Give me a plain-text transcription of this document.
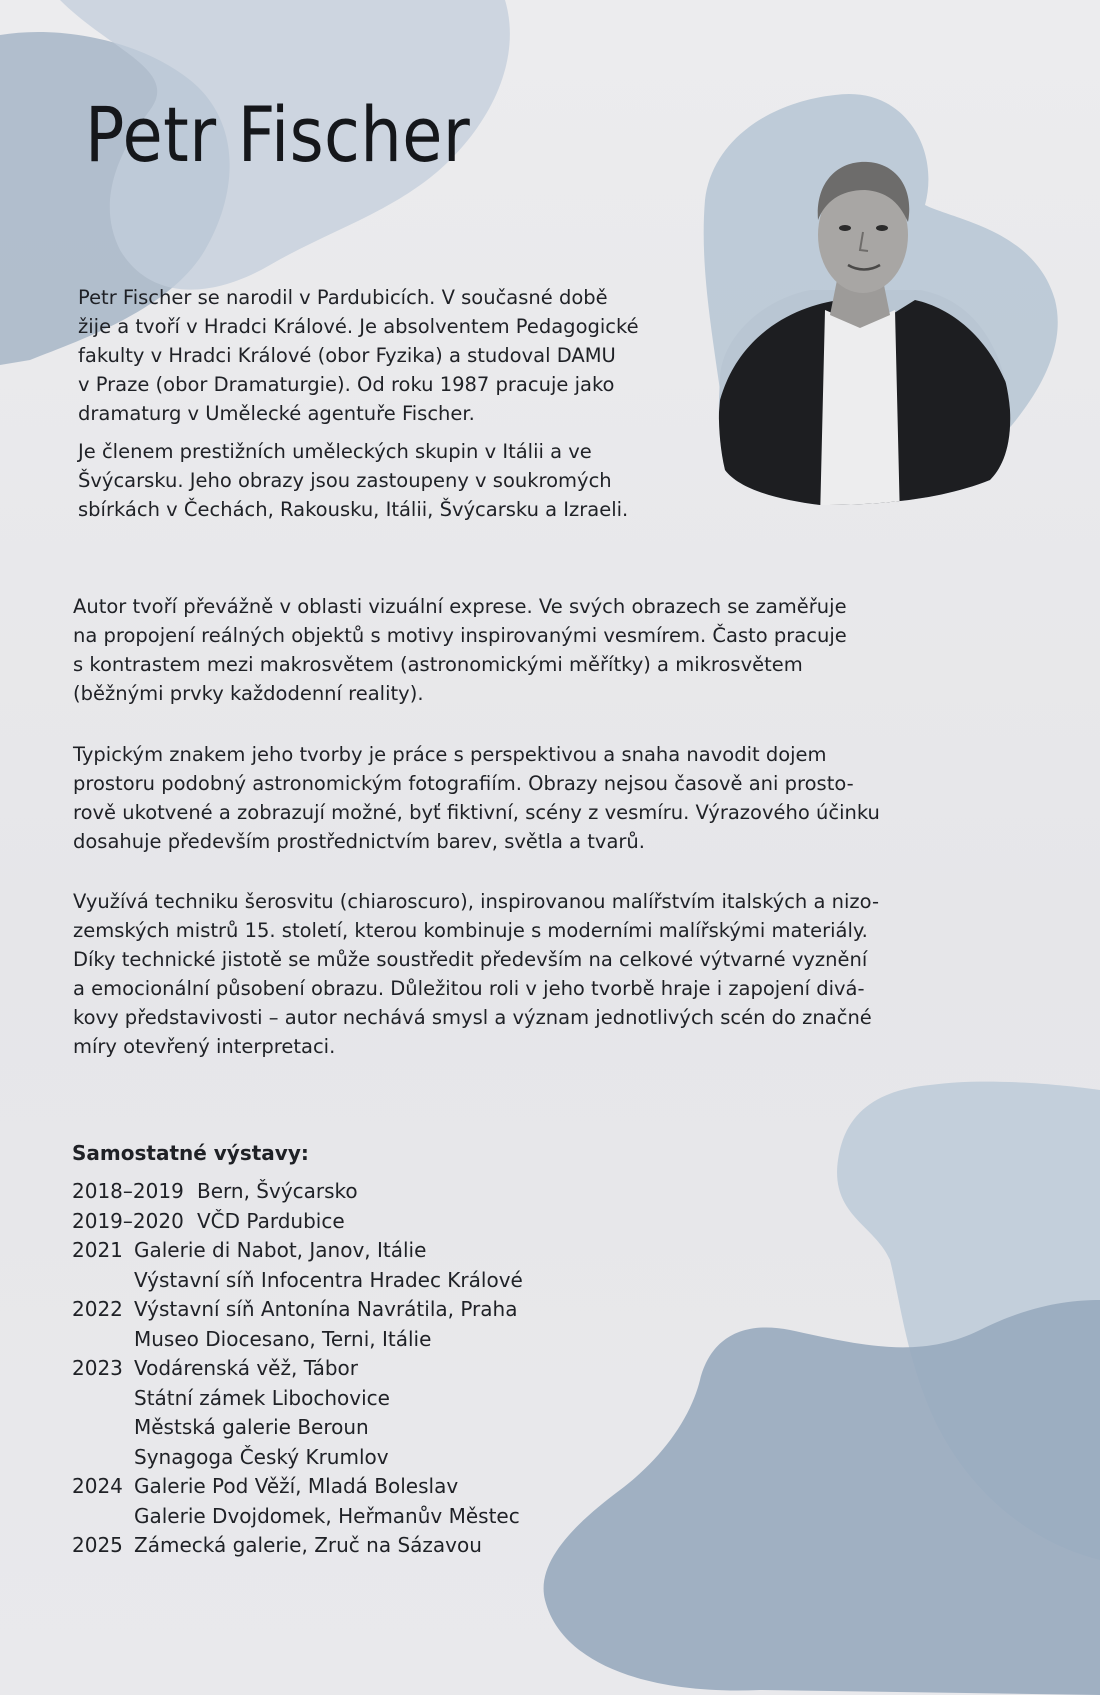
Petr Fischer

Petr Fischer se narodil v Pardubicích. V současné době
žije a tvoří v Hradci Králové. Je absolventem Pedagogické
fakulty v Hradci Králové (obor Fyzika) a studoval DAMU
v Praze (obor Dramaturgie). Od roku 1987 pracuje jako
dramaturg v Umělecké agentuře Fischer.

Je členem prestižních uměleckých skupin v Itálii a ve
Švýcarsku. Jeho obrazy jsou zastoupeny v soukromých
sbírkách v Čechách, Rakousku, Itálii, Švýcarsku a Izraeli.

Autor tvoří převážně v oblasti vizuální exprese. Ve svých obrazech se zaměřuje
na propojení reálných objektů s motivy inspirovanými vesmírem. Často pracuje
s kontrastem mezi makrosvětem (astronomickými měřítky) a mikrosvětem
(běžnými prvky každodenní reality).

Typickým znakem jeho tvorby je práce s perspektivou a snaha navodit dojem
prostoru podobný astronomickým fotografiím. Obrazy nejsou časově ani prosto-
rově ukotvené a zobrazují možné, byť fiktivní, scény z vesmíru. Výrazového účinku
dosahuje především prostřednictvím barev, světla a tvarů.

Využívá techniku šerosvitu (chiaroscuro), inspirovanou malířstvím italských a nizo-
zemských mistrů 15. století, kterou kombinuje s moderními malířskými materiály.
Díky technické jistotě se může soustředit především na celkové výtvarné vyznění
a emocionální působení obrazu. Důležitou roli v jeho tvorbě hraje i zapojení divá-
kovy představivosti – autor nechává smysl a význam jednotlivých scén do značné
míry otevřený interpretaci.

Samostatné výstavy:
2018–2019 Bern, Švýcarsko
2019–2020 VČD Pardubice
2021 Galerie di Nabot, Janov, Itálie
Výstavní síň Infocentra Hradec Králové
2022 Výstavní síň Antonína Navrátila, Praha
Museo Diocesano, Terni, Itálie
2023 Vodárenská věž, Tábor
Státní zámek Libochovice
Městská galerie Beroun
Synagoga Český Krumlov
2024 Galerie Pod Věží, Mladá Boleslav
Galerie Dvojdomek, Heřmanův Městec
2025 Zámecká galerie, Zruč na Sázavou
